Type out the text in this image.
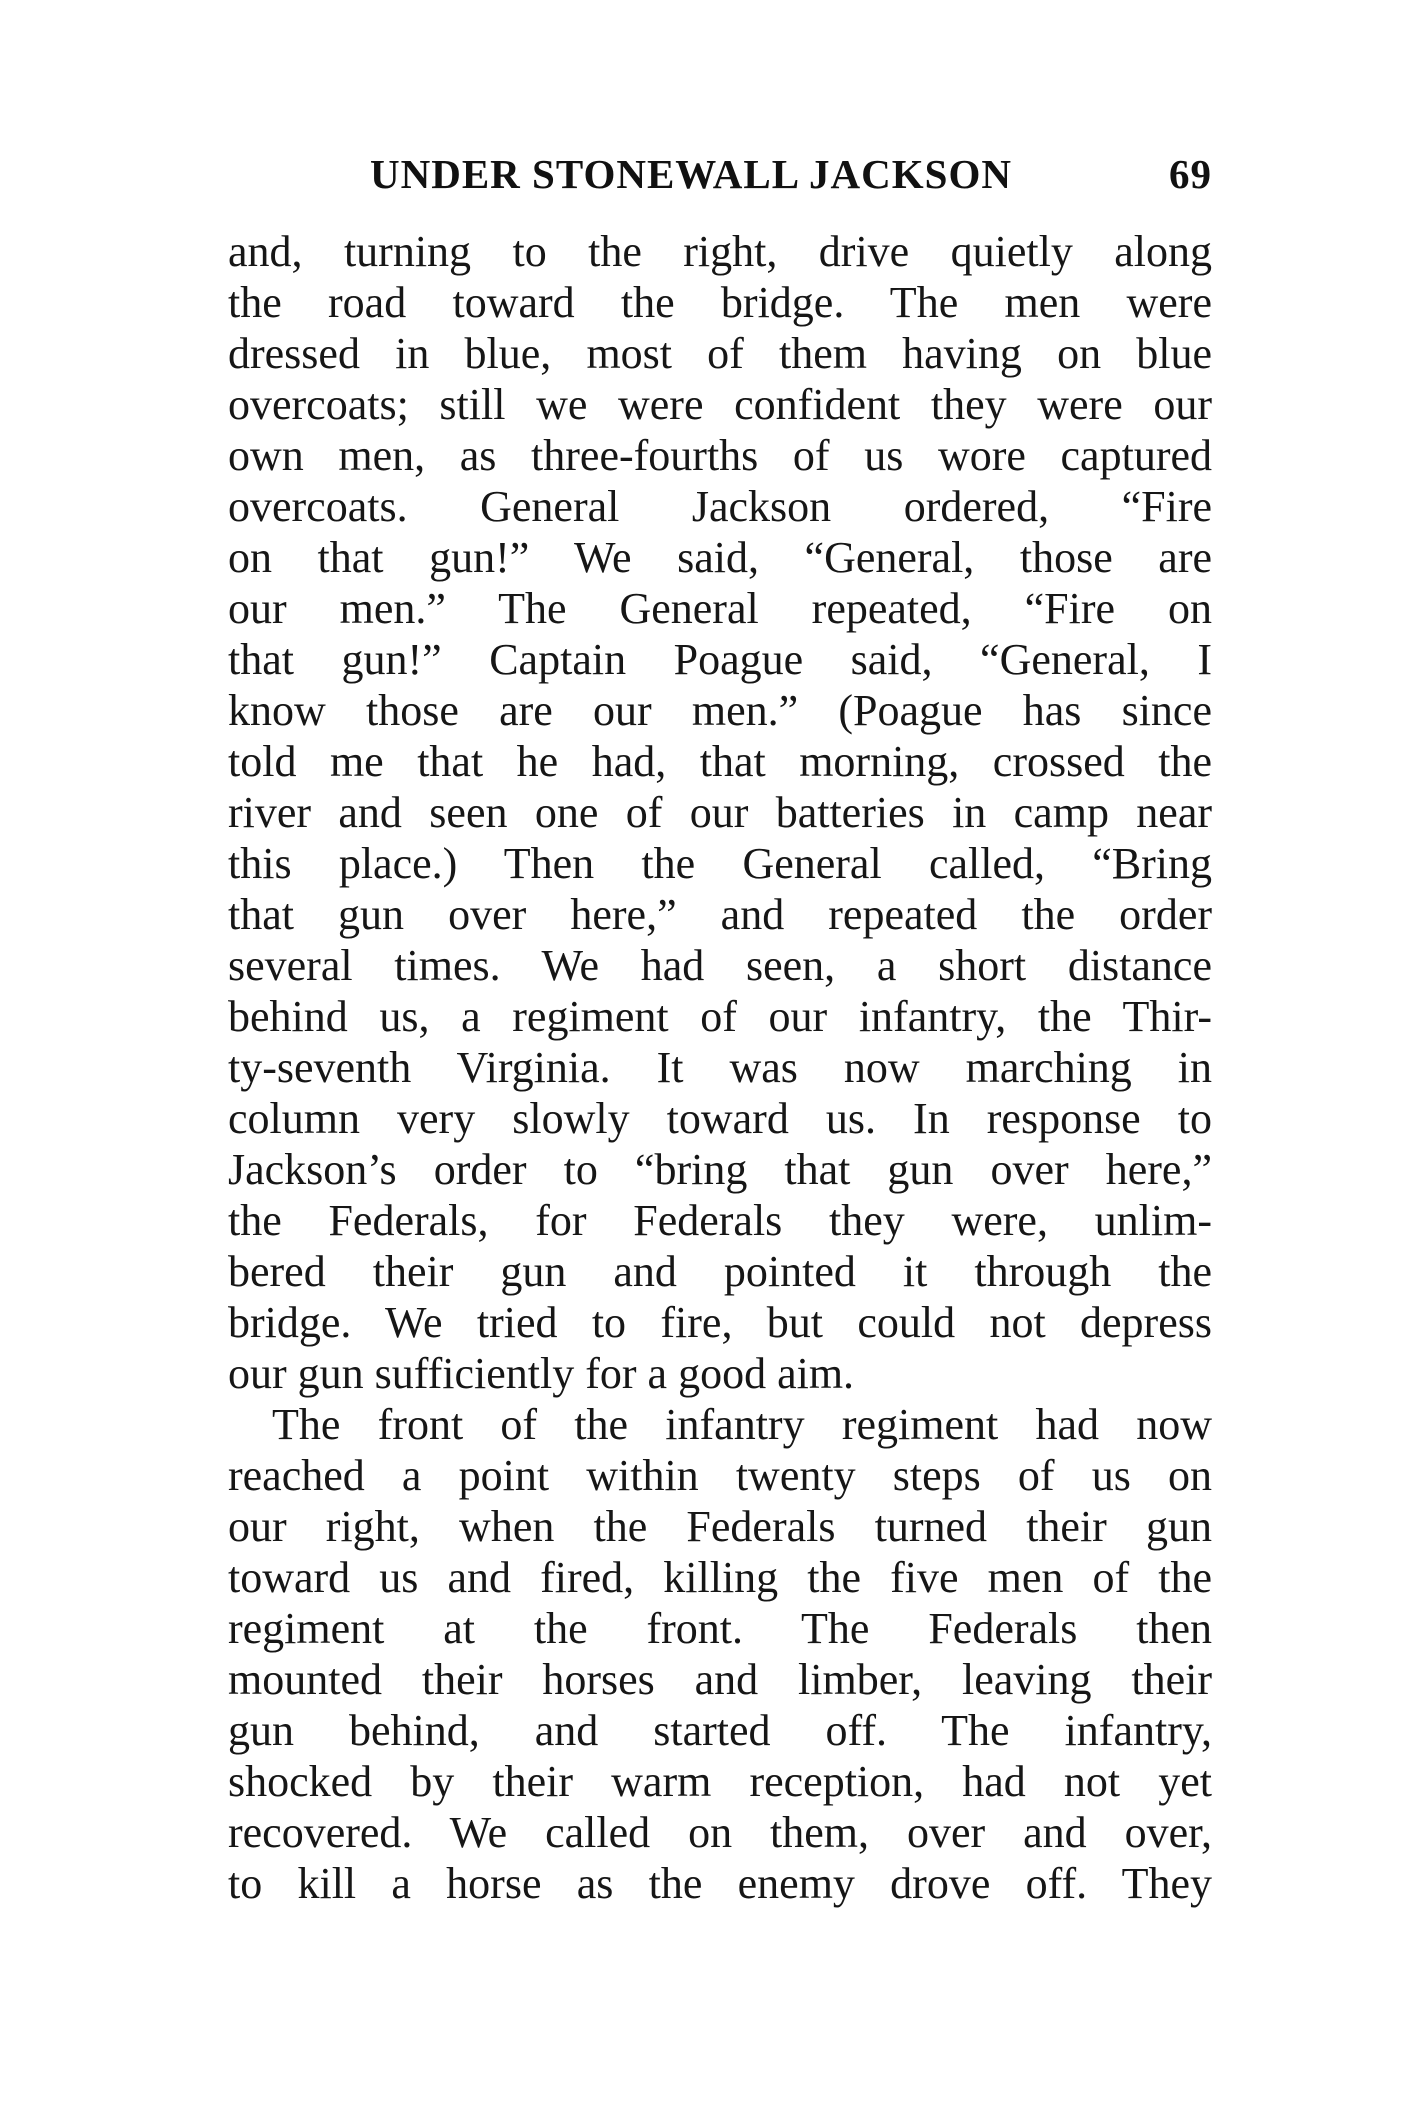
UNDER STONEWALL JACKSON	69
and, turning to the right, drive quietly along
the road toward the bridge. The men were
dressed in blue, most of them having on blue
overcoats; still we were confident they were our
own men, as three-fourths of us wore captured
overcoats. General Jackson ordered, “Fire
on that gun!” We said, “General, those are
our men.” The General repeated, “Fire on
that gun!” Captain Poague said, “General, I
know those are our men.” (Poague has since
told me that he had, that morning, crossed the
river and seen one of our batteries in camp near
this place.) Then the General called, “Bring
that gun over here,” and repeated the order
several times. We had seen, a short distance
behind us, a regiment of our infantry, the Thir-
ty-seventh Virginia. It was now marching in
column very slowly toward us. In response to
Jackson’s order to “bring that gun over here,”
the Federals, for Federals they were, unlim-
bered their gun and pointed it through the
bridge. We tried to fire, but could not depress
our gun sufficiently for a good aim.
The front of the infantry regiment had now
reached a point within twenty steps of us on
our right, when the Federals turned their gun
toward us and fired, killing the five men of the
regiment at the front. The Federals then
mounted their horses and limber, leaving their
gun behind, and started off. The infantry,
shocked by their warm reception, had not yet
recovered. We called on them, over and over,
to kill a horse as the enemy drove off. They
